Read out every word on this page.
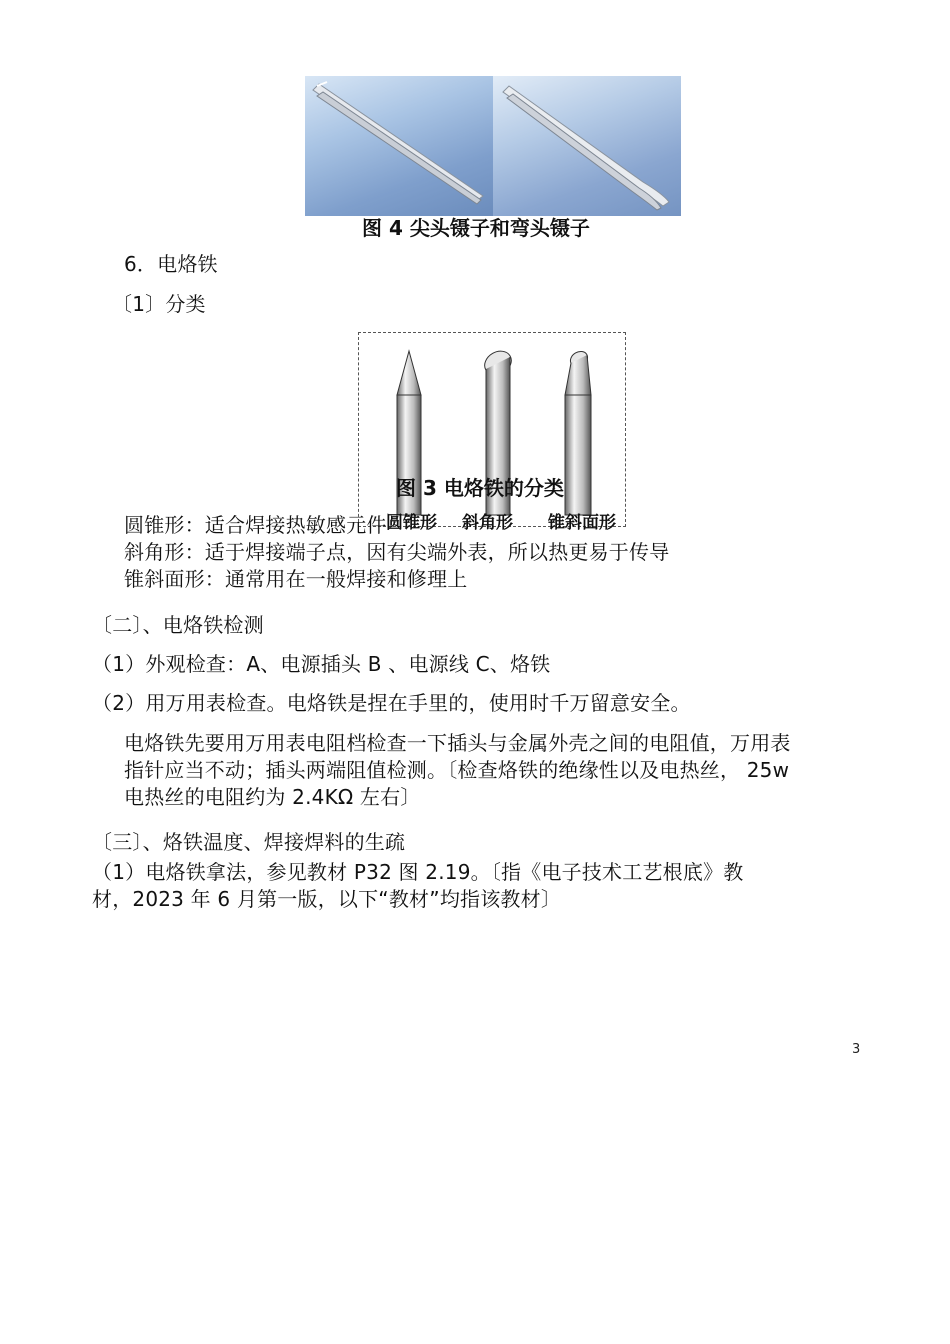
图 4 尖头镊子和弯头镊子
6．电烙铁
〔1〕分类
图 3 电烙铁的分类
圆锥形 斜角形 锥斜面形
圆锥形：适合焊接热敏感元件
斜角形：适于焊接端子点，因有尖端外表，所以热更易于传导
锥斜面形：通常用在一般焊接和修理上
〔二〕、电烙铁检测
（1）外观检查：A、电源插头 B 、电源线 C、烙铁
（2）用万用表检查。电烙铁是捏在手里的，使用时千万留意安全。
电烙铁先要用万用表电阻档检查一下插头与金属外壳之间的电阻值，万用表
指针应当不动；插头两端阻值检测。〔检查烙铁的绝缘性以及电热丝， 25w
电热丝的电阻约为 2.4KΩ 左右〕
〔三〕、烙铁温度、焊接焊料的生疏
（1）电烙铁拿法，参见教材 P32 图 2.19。〔指《电子技术工艺根底》教
材，2023 年 6 月第一版，以下“教材”均指该教材〕
3
